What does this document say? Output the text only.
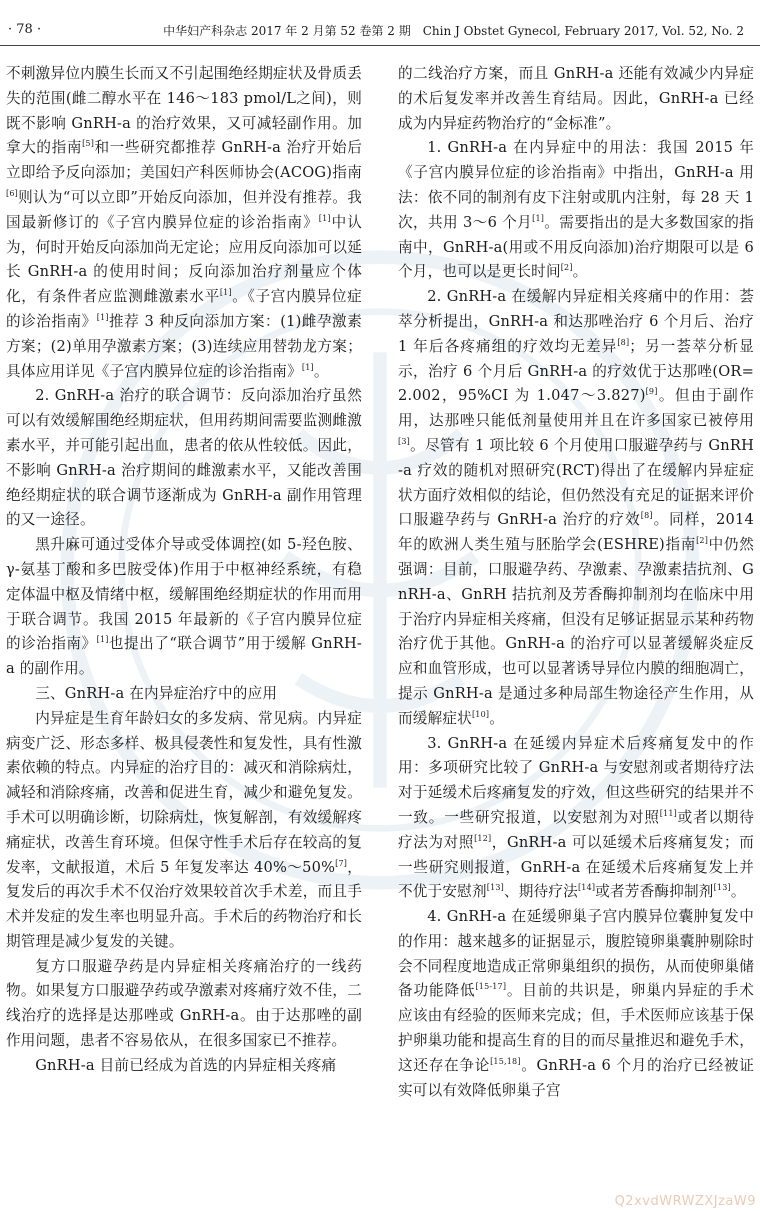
· 78 ·	中华妇产科杂志 2017 年 2 月第 52 卷第 2 期　Chin J Obstet Gynecol, February 2017, Vol. 52, No. 2

不刺激异位内膜生长而又不引起围绝经期症状及骨质丢失的范围(雌二醇水平在 146～183 pmol/L之间)，则既不影响 GnRH-a 的治疗效果，又可减轻副作用。加拿大的指南[5]和一些研究都推荐 GnRH-a 治疗开始后立即给予反向添加；美国妇产科医师协会(ACOG)指南[6]则认为“可以立即”开始反向添加，但并没有推荐。我国最新修订的《子宫内膜异位症的诊治指南》[1]中认为，何时开始反向添加尚无定论；应用反向添加可以延长 GnRH-a 的使用时间；反向添加治疗剂量应个体化，有条件者应监测雌激素水平[1]。《子宫内膜异位症的诊治指南》[1]推荐 3 种反向添加方案：(1)雌孕激素方案；(2)单用孕激素方案；(3)连续应用替勃龙方案；具体应用详见《子宫内膜异位症的诊治指南》[1]。

2. GnRH-a 治疗的联合调节：反向添加治疗虽然可以有效缓解围绝经期症状，但用药期间需要监测雌激素水平，并可能引起出血，患者的依从性较低。因此，不影响 GnRH-a 治疗期间的雌激素水平，又能改善围绝经期症状的联合调节逐渐成为 GnRH-a 副作用管理的又一途径。

黑升麻可通过受体介导或受体调控(如 5-羟色胺、γ-氨基丁酸和多巴胺受体)作用于中枢神经系统，有稳定体温中枢及情绪中枢，缓解围绝经期症状的作用而用于联合调节。我国 2015 年最新的《子宫内膜异位症的诊治指南》[1]也提出了“联合调节”用于缓解 GnRH-a 的副作用。

三、GnRH-a 在内异症治疗中的应用

内异症是生育年龄妇女的多发病、常见病。内异症病变广泛、形态多样、极具侵袭性和复发性，具有性激素依赖的特点。内异症的治疗目的：减灭和消除病灶，减轻和消除疼痛，改善和促进生育，减少和避免复发。手术可以明确诊断，切除病灶，恢复解剖，有效缓解疼痛症状，改善生育环境。但保守性手术后存在较高的复发率，文献报道，术后 5 年复发率达 40%～50%[7]，复发后的再次手术不仅治疗效果较首次手术差，而且手术并发症的发生率也明显升高。手术后的药物治疗和长期管理是减少复发的关键。

复方口服避孕药是内异症相关疼痛治疗的一线药物。如果复方口服避孕药或孕激素对疼痛疗效不佳，二线治疗的选择是达那唑或 GnRH-a。由于达那唑的副作用问题，患者不容易依从，在很多国家已不推荐。

GnRH-a 目前已经成为首选的内异症相关疼痛

的二线治疗方案，而且 GnRH-a 还能有效减少内异症的术后复发率并改善生育结局。因此，GnRH-a 已经成为内异症药物治疗的“金标准”。

1. GnRH-a 在内异症中的用法：我国 2015 年《子宫内膜异位症的诊治指南》中指出，GnRH-a 用法：依不同的制剂有皮下注射或肌内注射，每 28 天 1 次，共用 3～6 个月[1]。需要指出的是大多数国家的指南中，GnRH-a(用或不用反向添加)治疗期限可以是 6 个月，也可以是更长时间[2]。

2. GnRH-a 在缓解内异症相关疼痛中的作用：荟萃分析提出，GnRH-a 和达那唑治疗 6 个月后、治疗 1 年后各疼痛组的疗效均无差异[8]；另一荟萃分析显示，治疗 6 个月后 GnRH-a 的疗效优于达那唑(OR=2.002，95%CI 为 1.047～3.827)[9]。但由于副作用，达那唑只能低剂量使用并且在许多国家已被停用[3]。尽管有 1 项比较 6 个月使用口服避孕药与 GnRH-a 疗效的随机对照研究(RCT)得出了在缓解内异症症状方面疗效相似的结论，但仍然没有充足的证据来评价口服避孕药与 GnRH-a 治疗的疗效[8]。同样，2014 年的欧洲人类生殖与胚胎学会(ESHRE)指南[2]中仍然强调：目前，口服避孕药、孕激素、孕激素拮抗剂、GnRH-a、GnRH 拮抗剂及芳香酶抑制剂均在临床中用于治疗内异症相关疼痛，但没有足够证据显示某种药物治疗优于其他。GnRH-a 的治疗可以显著缓解炎症反应和血管形成，也可以显著诱导异位内膜的细胞凋亡，提示 GnRH-a 是通过多种局部生物途径产生作用，从而缓解症状[10]。

3. GnRH-a 在延缓内异症术后疼痛复发中的作用：多项研究比较了 GnRH-a 与安慰剂或者期待疗法对于延缓术后疼痛复发的疗效，但这些研究的结果并不一致。一些研究报道，以安慰剂为对照[11]或者以期待疗法为对照[12]，GnRH-a 可以延缓术后疼痛复发；而一些研究则报道，GnRH-a 在延缓术后疼痛复发上并不优于安慰剂[13]、期待疗法[14]或者芳香酶抑制剂[13]。

4. GnRH-a 在延缓卵巢子宫内膜异位囊肿复发中的作用：越来越多的证据显示，腹腔镜卵巢囊肿剔除时会不同程度地造成正常卵巢组织的损伤，从而使卵巢储备功能降低[15-17]。目前的共识是，卵巢内异症的手术应该由有经验的医师来完成；但，手术医师应该基于保护卵巢功能和提高生育的目的而尽量推迟和避免手术，这还存在争论[15,18]。GnRH-a 6 个月的治疗已经被证实可以有效降低卵巢子宫

Q2xvdWRWZXJzaW9
